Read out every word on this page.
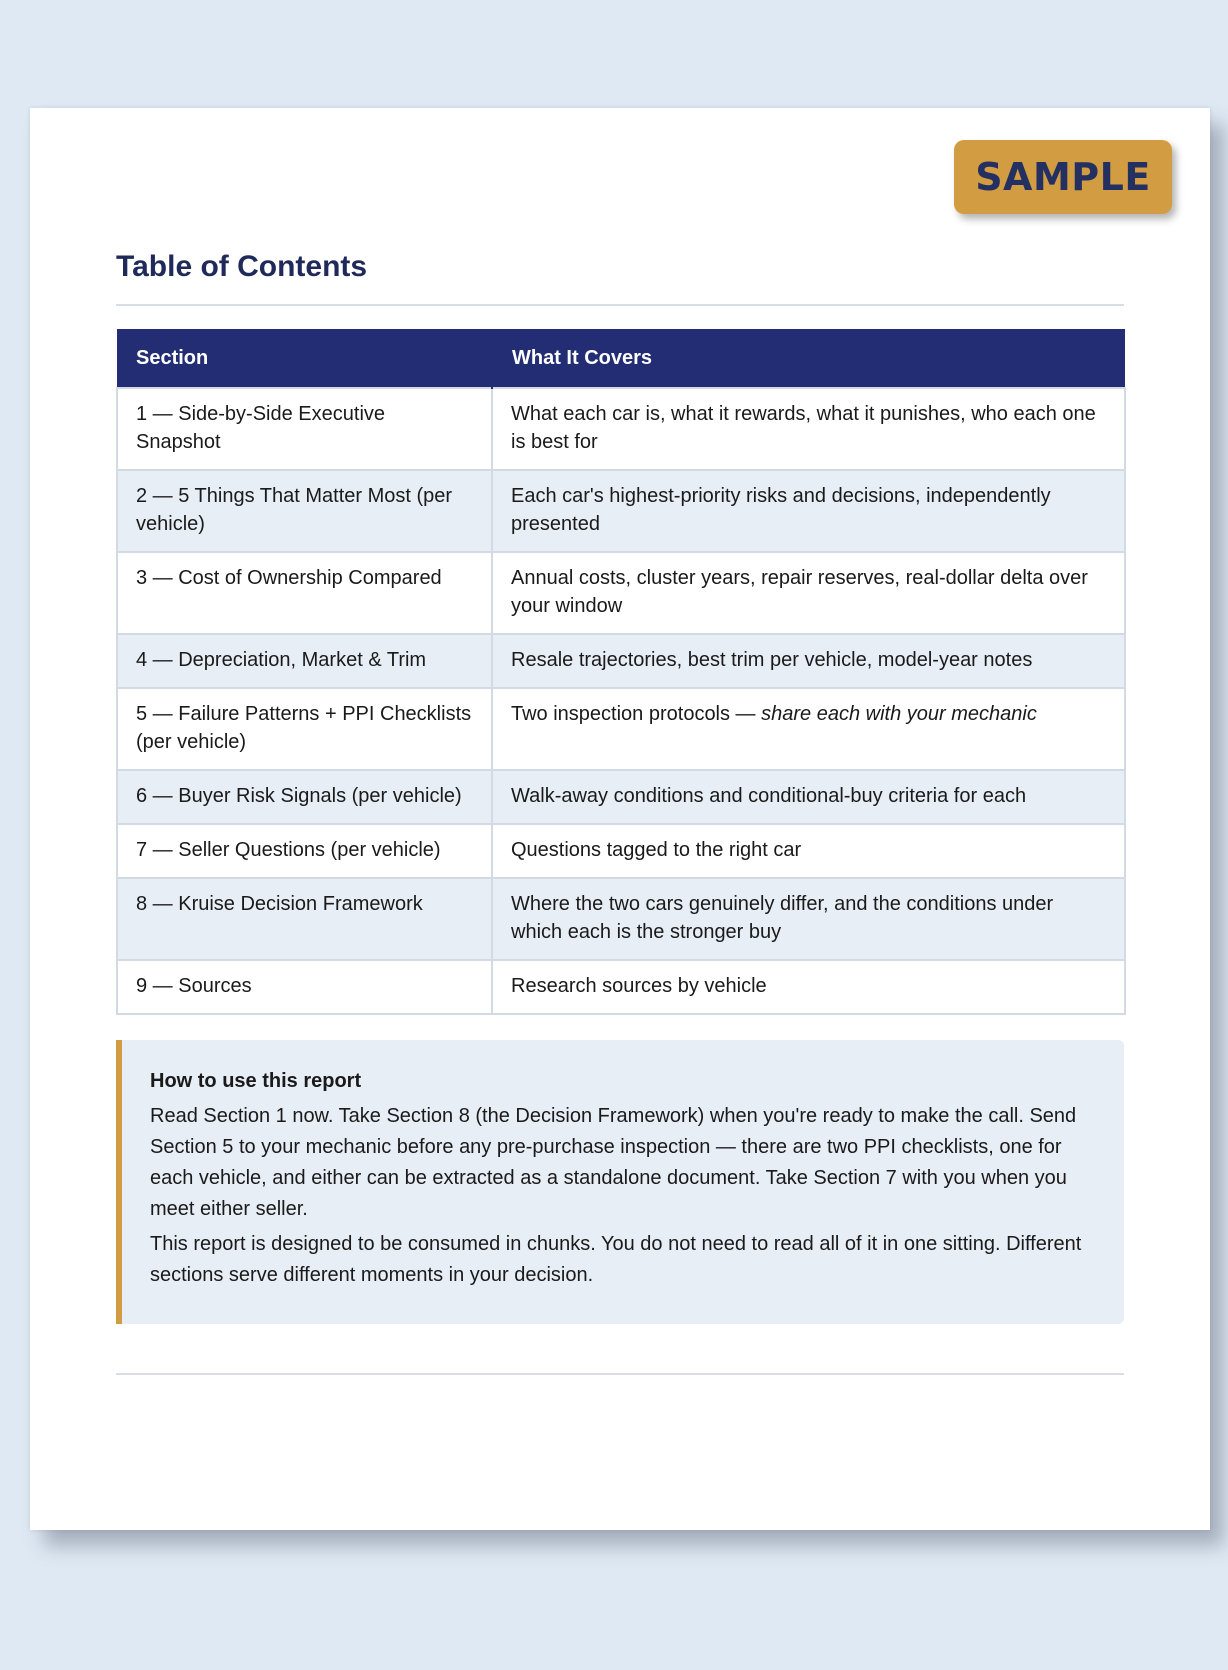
SAMPLE
Table of Contents
Section	What It Covers
1 — Side-by-Side Executive Snapshot	What each car is, what it rewards, what it punishes, who each one is best for
2 — 5 Things That Matter Most (per vehicle)	Each car's highest-priority risks and decisions, independently presented
3 — Cost of Ownership Compared	Annual costs, cluster years, repair reserves, real-dollar delta over your window
4 — Depreciation, Market & Trim	Resale trajectories, best trim per vehicle, model-year notes
5 — Failure Patterns + PPI Checklists (per vehicle)	Two inspection protocols — share each with your mechanic
6 — Buyer Risk Signals (per vehicle)	Walk-away conditions and conditional-buy criteria for each
7 — Seller Questions (per vehicle)	Questions tagged to the right car
8 — Kruise Decision Framework	Where the two cars genuinely differ, and the conditions under which each is the stronger buy
9 — Sources	Research sources by vehicle

How to use this report

Read Section 1 now. Take Section 8 (the Decision Framework) when you're ready to make the call. Send Section 5 to your mechanic before any pre-purchase inspection — there are two PPI checklists, one for each vehicle, and either can be extracted as a standalone document. Take Section 7 with you when you meet either seller.

This report is designed to be consumed in chunks. You do not need to read all of it in one sitting. Different sections serve different moments in your decision.
